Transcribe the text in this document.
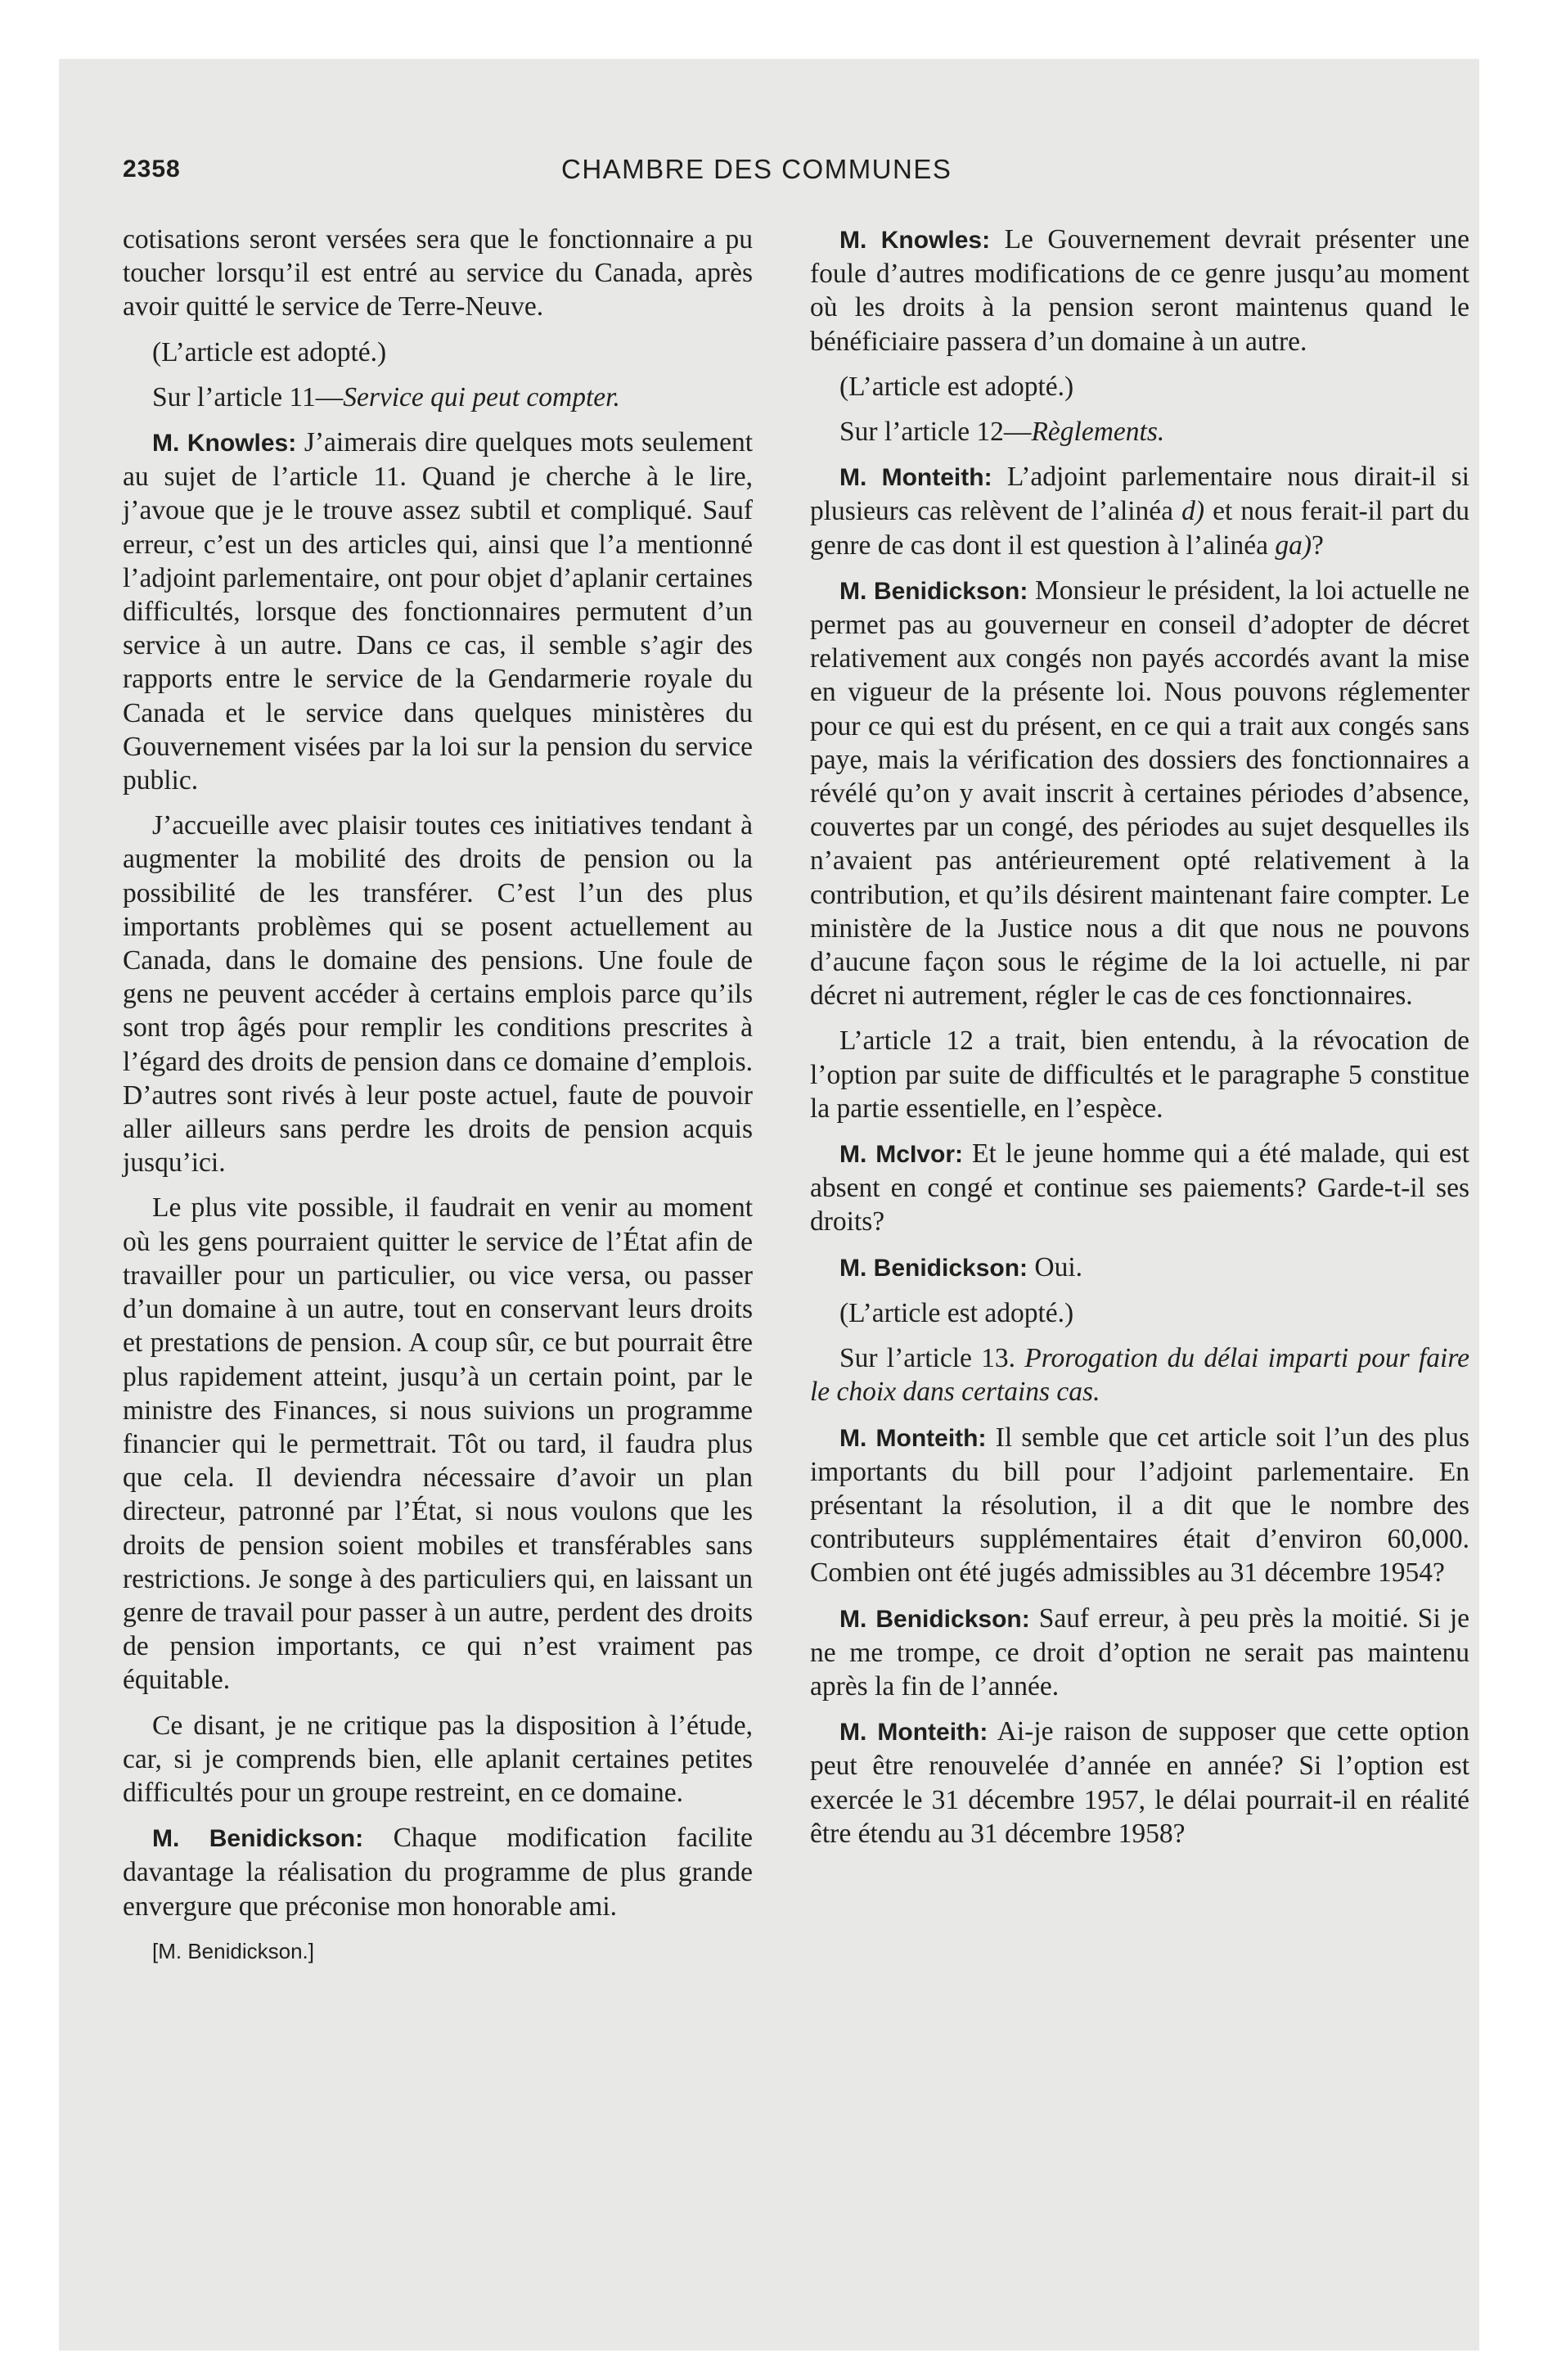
2358	CHAMBRE DES COMMUNES

cotisations seront versées sera que le fonctionnaire a pu toucher lorsqu’il est entré au service du Canada, après avoir quitté le service de Terre-Neuve.

(L’article est adopté.)

Sur l’article 11—Service qui peut compter.

M. Knowles: J’aimerais dire quelques mots seulement au sujet de l’article 11. Quand je cherche à le lire, j’avoue que je le trouve assez subtil et compliqué. Sauf erreur, c’est un des articles qui, ainsi que l’a mentionné l’adjoint parlementaire, ont pour objet d’aplanir certaines difficultés, lorsque des fonctionnaires permutent d’un service à un autre. Dans ce cas, il semble s’agir des rapports entre le service de la Gendarmerie royale du Canada et le service dans quelques ministères du Gouvernement visées par la loi sur la pension du service public.

J’accueille avec plaisir toutes ces initiatives tendant à augmenter la mobilité des droits de pension ou la possibilité de les transférer. C’est l’un des plus importants problèmes qui se posent actuellement au Canada, dans le domaine des pensions. Une foule de gens ne peuvent accéder à certains emplois parce qu’ils sont trop âgés pour remplir les conditions prescrites à l’égard des droits de pension dans ce domaine d’emplois. D’autres sont rivés à leur poste actuel, faute de pouvoir aller ailleurs sans perdre les droits de pension acquis jusqu’ici.

Le plus vite possible, il faudrait en venir au moment où les gens pourraient quitter le service de l’État afin de travailler pour un particulier, ou vice versa, ou passer d’un domaine à un autre, tout en conservant leurs droits et prestations de pension. A coup sûr, ce but pourrait être plus rapidement atteint, jusqu’à un certain point, par le ministre des Finances, si nous suivions un programme financier qui le permettrait. Tôt ou tard, il faudra plus que cela. Il deviendra nécessaire d’avoir un plan directeur, patronné par l’État, si nous voulons que les droits de pension soient mobiles et transférables sans restrictions. Je songe à des particuliers qui, en laissant un genre de travail pour passer à un autre, perdent des droits de pension importants, ce qui n’est vraiment pas équitable.

Ce disant, je ne critique pas la disposition à l’étude, car, si je comprends bien, elle aplanit certaines petites difficultés pour un groupe restreint, en ce domaine.

M. Benidickson: Chaque modification facilite davantage la réalisation du programme de plus grande envergure que préconise mon honorable ami.

[M. Benidickson.]

M. Knowles: Le Gouvernement devrait présenter une foule d’autres modifications de ce genre jusqu’au moment où les droits à la pension seront maintenus quand le bénéficiaire passera d’un domaine à un autre.

(L’article est adopté.)

Sur l’article 12—Règlements.

M. Monteith: L’adjoint parlementaire nous dirait-il si plusieurs cas relèvent de l’alinéa d) et nous ferait-il part du genre de cas dont il est question à l’alinéa ga)?

M. Benidickson: Monsieur le président, la loi actuelle ne permet pas au gouverneur en conseil d’adopter de décret relativement aux congés non payés accordés avant la mise en vigueur de la présente loi. Nous pouvons réglementer pour ce qui est du présent, en ce qui a trait aux congés sans paye, mais la vérification des dossiers des fonctionnaires a révélé qu’on y avait inscrit à certaines périodes d’absence, couvertes par un congé, des périodes au sujet desquelles ils n’avaient pas antérieurement opté relativement à la contribution, et qu’ils désirent maintenant faire compter. Le ministère de la Justice nous a dit que nous ne pouvons d’aucune façon sous le régime de la loi actuelle, ni par décret ni autrement, régler le cas de ces fonctionnaires.

L’article 12 a trait, bien entendu, à la révocation de l’option par suite de difficultés et le paragraphe 5 constitue la partie essentielle, en l’espèce.

M. McIvor: Et le jeune homme qui a été malade, qui est absent en congé et continue ses paiements? Garde-t-il ses droits?

M. Benidickson: Oui.

(L’article est adopté.)

Sur l’article 13. Prorogation du délai imparti pour faire le choix dans certains cas.

M. Monteith: Il semble que cet article soit l’un des plus importants du bill pour l’adjoint parlementaire. En présentant la résolution, il a dit que le nombre des contributeurs supplémentaires était d’environ 60,000. Combien ont été jugés admissibles au 31 décembre 1954?

M. Benidickson: Sauf erreur, à peu près la moitié. Si je ne me trompe, ce droit d’option ne serait pas maintenu après la fin de l’année.

M. Monteith: Ai-je raison de supposer que cette option peut être renouvelée d’année en année? Si l’option est exercée le 31 décembre 1957, le délai pourrait-il en réalité être étendu au 31 décembre 1958?
